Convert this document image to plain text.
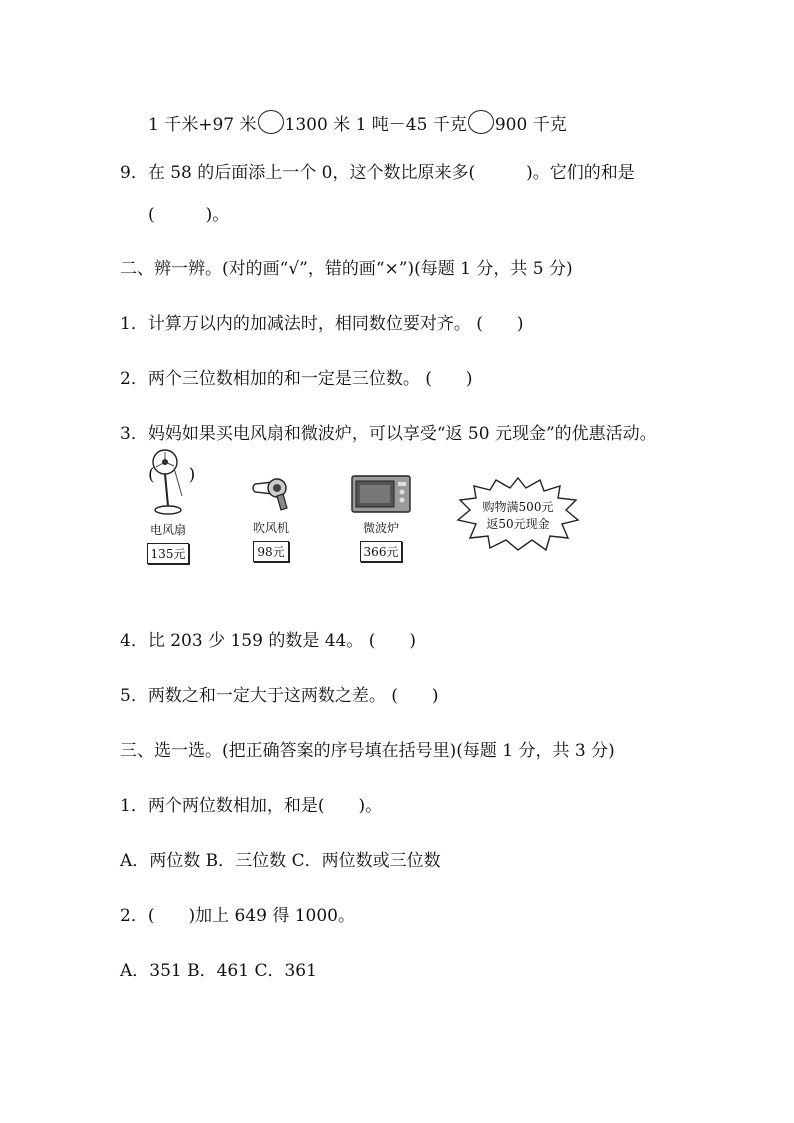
1 千米+97 米 1300 米 1 吨－45 千克 900 千克
9．在 58 的后面添上一个 0，这个数比原来多(　　　)。它们的和是
(　　　)。
二、辨一辨。(对的画“√”，错的画“×”)(每题 1 分，共 5 分)
1．计算万以内的加减法时，相同数位要对齐。 (　　)
2．两个三位数相加的和一定是三位数。 (　　)
3．妈妈如果买电风扇和微波炉，可以享受“返 50 元现金”的优惠活动。
(　　)
电风扇
135元
吹风机
98元
微波炉
366元
购物满500元
返50元现金
4．比 203 少 159 的数是 44。 (　　)
5．两数之和一定大于这两数之差。 (　　)
三、选一选。(把正确答案的序号填在括号里)(每题 1 分，共 3 分)
1．两个两位数相加，和是(　　)。
A．两位数 B．三位数 C．两位数或三位数
2．(　　)加上 649 得 1000。
A．351 B．461 C．361
